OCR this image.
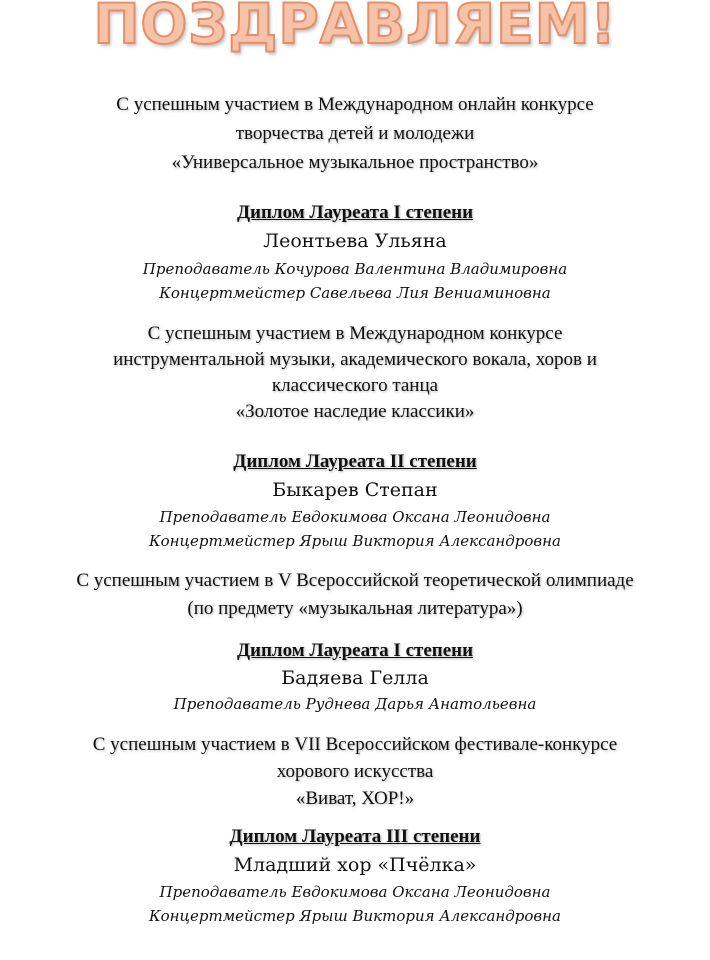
ПОЗДРАВЛЯЕМ!
С успешным участием в Международном онлайн конкурсе
творчества детей и молодежи
«Универсальное музыкальное пространство»
Диплом Лауреата I степени
Леонтьева Ульяна
Преподаватель Кочурова Валентина Владимировна
Концертмейстер Савельева Лия Вениаминовна
С успешным участием в Международном конкурсе
инструментальной музыки, академического вокала, хоров и
классического танца
«Золотое наследие классики»
Диплом Лауреата II степени
Быкарев Степан
Преподаватель Евдокимова Оксана Леонидовна
Концертмейстер Ярыш Виктория Александровна
С успешным участием в V Всероссийской теоретической олимпиаде
(по предмету «музыкальная литература»)
Диплом Лауреата I степени
Бадяева Гелла
Преподаватель Руднева Дарья Анатольевна
С успешным участием в VII Всероссийском фестивале-конкурсе
хорового искусства
«Виват, ХОР!»
Диплом Лауреата III степени
Младший хор «Пчёлка»
Преподаватель Евдокимова Оксана Леонидовна
Концертмейстер Ярыш Виктория Александровна
